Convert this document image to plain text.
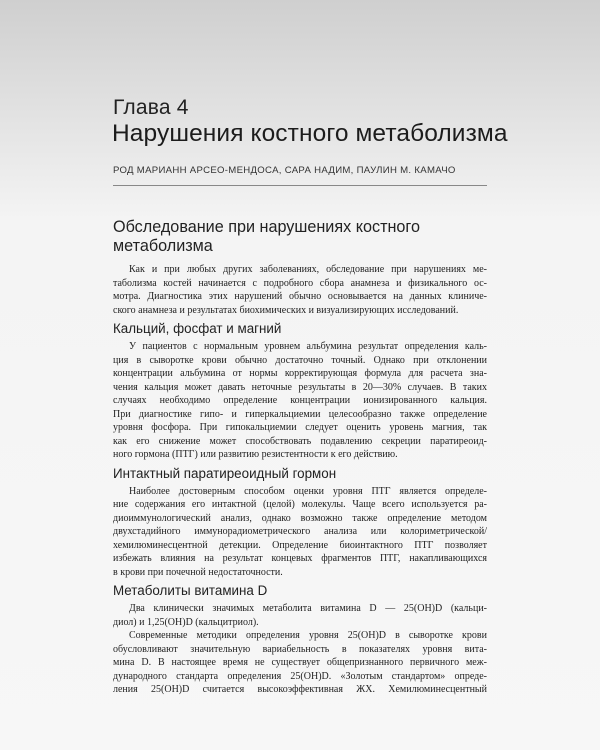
Глава 4
Нарушения костного метаболизма
РОД МАРИАНН АРСЕО-МЕНДОСА, САРА НАДИМ, ПАУЛИН М. КАМАЧО
Обследование при нарушениях костного
метаболизма
Как и при любых других заболеваниях, обследование при нарушениях ме-
таболизма костей начинается с подробного сбора анамнеза и физикального ос-
мотра. Диагностика этих нарушений обычно основывается на данных клиниче-
ского анамнеза и результатах биохимических и визуализирующих исследований.
Кальций, фосфат и магний
У пациентов с нормальным уровнем альбумина результат определения каль-
ция в сыворотке крови обычно достаточно точный. Однако при отклонении
концентрации альбумина от нормы корректирующая формула для расчета зна-
чения кальция может давать неточные результаты в 20—30% случаев. В таких
случаях необходимо определение концентрации ионизированного кальция.
При диагностике гипо- и гиперкальциемии целесообразно также определение
уровня фосфора. При гипокальциемии следует оценить уровень магния, так
как его снижение может способствовать подавлению секреции паратиреоид-
ного гормона (ПТГ) или развитию резистентности к его действию.
Интактный паратиреоидный гормон
Наиболее достоверным способом оценки уровня ПТГ является определе-
ние содержания его интактной (целой) молекулы. Чаще всего используется ра-
диоиммунологический анализ, однако возможно также определение методом
двухстадийного иммунорадиометрического анализа или колориметрической/
хемилюминесцентной детекции. Определение биоинтактного ПТГ позволяет
избежать влияния на результат концевых фрагментов ПТГ, накапливающихся
в крови при почечной недостаточности.
Метаболиты витамина D
Два клинически значимых метаболита витамина D — 25(OH)D (кальци-
диол) и 1,25(OH)D (кальцитриол).
Современные методики определения уровня 25(OH)D в сыворотке крови
обусловливают значительную вариабельность в показателях уровня вита-
мина D. В настоящее время не существует общепризнанного первичного меж-
дународного стандарта определения 25(OH)D. «Золотым стандартом» опреде-
ления 25(OH)D считается высокоэффективная ЖХ. Хемилюминесцентный
